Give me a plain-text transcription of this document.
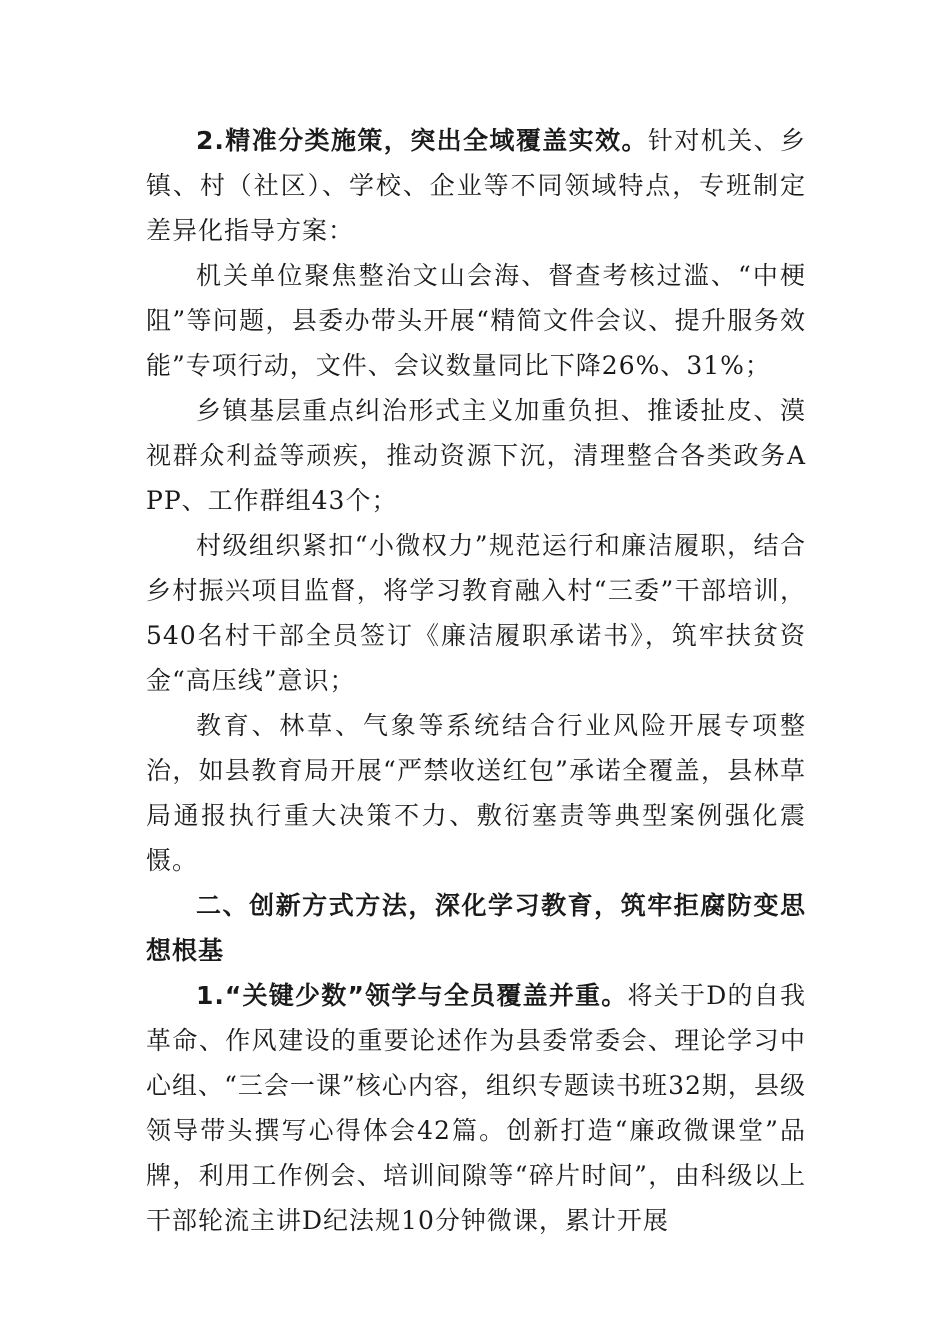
2.精准分类施策，突出全域覆盖实效。针对机关、乡镇、村（社区）、学校、企业等不同领域特点，专班制定差异化指导方案：

机关单位聚焦整治文山会海、督查考核过滥、“中梗阻”等问题，县委办带头开展“精简文件会议、提升服务效能”专项行动，文件、会议数量同比下降26%、31%；

乡镇基层重点纠治形式主义加重负担、推诿扯皮、漠视群众利益等顽疾，推动资源下沉，清理整合各类政务APP、工作群组43个；

村级组织紧扣“小微权力”规范运行和廉洁履职，结合乡村振兴项目监督，将学习教育融入村“三委”干部培训，540名村干部全员签订《廉洁履职承诺书》，筑牢扶贫资金“高压线”意识；

教育、林草、气象等系统结合行业风险开展专项整治，如县教育局开展“严禁收送红包”承诺全覆盖，县林草局通报执行重大决策不力、敷衍塞责等典型案例强化震慑。

二、创新方式方法，深化学习教育，筑牢拒腐防变思想根基

1.“关键少数”领学与全员覆盖并重。将关于D的自我革命、作风建设的重要论述作为县委常委会、理论学习中心组、“三会一课”核心内容，组织专题读书班32期，县级领导带头撰写心得体会42篇。创新打造“廉政微课堂”品牌，利用工作例会、培训间隙等“碎片时间”，由科级以上干部轮流主讲D纪法规10分钟微课，累计开展
